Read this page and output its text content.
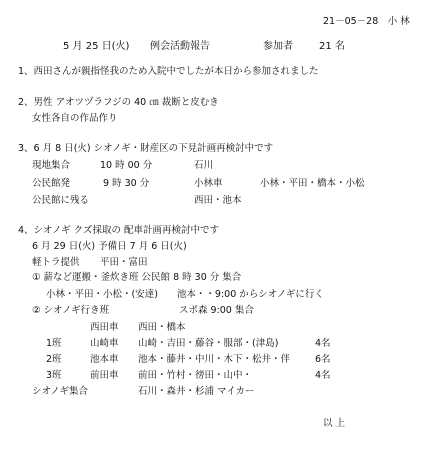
21－05－28　小 林
5 月 25 日(火) 例会活動報告	参加者	21 名
1、西田さんが親指怪我のため入院中でしたが本日から参加されました
2、男性 アオツヅラフジの 40 ㎝ 裁断と皮むき
女性各自の作品作り
3、6 月 8 日(火) シオノギ・財産区の下見計画再検討中です
現地集合	10 時 00 分	石川
公民館発	9 時 30 分	小林車	小林・平田・橋本・小松
公民館に残る	西田・池本
4、シオノギ クズ採取の 配車計画再検討中です
6 月 29 日(火) 予備日 7 月 6 日(火)
軽トラ提供 平田・富田
① 薪など運搬・釜炊き班 公民館 8 時 30 分 集合
小林・平田・小松・(安達)　　池本・・9:00 からシオノギに行く
② シオノギ行き班	スポ森 9:00 集合
西田車 西田・橋本
1班	山崎車 山崎・吉田・藤谷・服部・(津島)	4名
2班	池本車 池本・藤井・中川・木下・松井・伴	6名
3班	前田車 前田・竹村・徬田・山中・	4名
シオノギ集合	石川・森井・杉浦 マイカー
以 上
